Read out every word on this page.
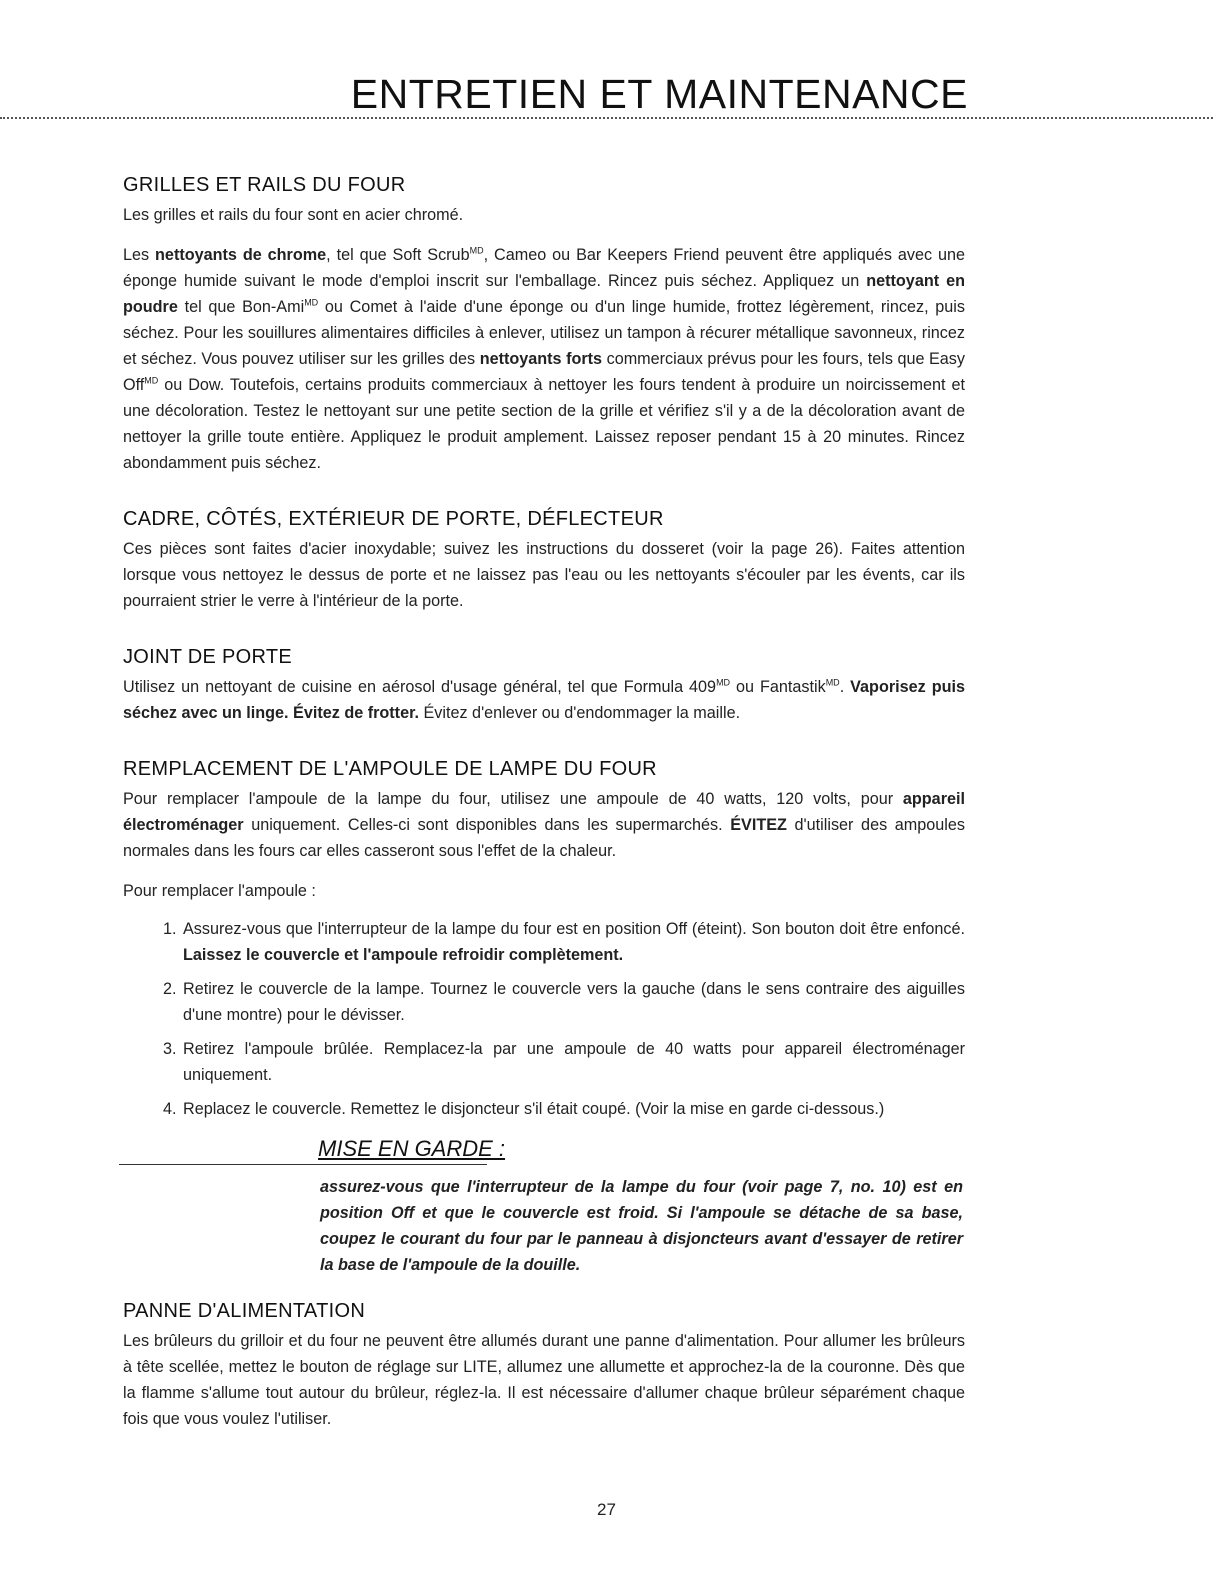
ENTRETIEN ET MAINTENANCE
GRILLES ET RAILS DU FOUR

Les grilles et rails du four sont en acier chromé.

Les nettoyants de chrome, tel que Soft Scrub$^{MD}$, Cameo ou Bar Keepers Friend peuvent être appliqués avec une éponge humide suivant le mode d'emploi inscrit sur l'emballage. Rincez puis séchez. Appliquez un nettoyant en poudre tel que Bon-Ami$^{MD}$ ou Comet à l'aide d'une éponge ou d'un linge humide, frottez légèrement, rincez, puis séchez. Pour les souillures alimentaires difficiles à enlever, utilisez un tampon à récurer métallique savonneux, rincez et séchez. Vous pouvez utiliser sur les grilles des nettoyants forts commerciaux prévus pour les fours, tels que Easy Off$^{MD}$ ou Dow. Toutefois, certains produits commerciaux à nettoyer les fours tendent à produire un noircissement et une décoloration. Testez le nettoyant sur une petite section de la grille et vérifiez s'il y a de la décoloration avant de nettoyer la grille toute entière. Appliquez le produit amplement. Laissez reposer pendant 15 à 20 minutes. Rincez abondamment puis séchez.

CADRE, CÔTÉS, EXTÉRIEUR DE PORTE, DÉFLECTEUR

Ces pièces sont faites d'acier inoxydable; suivez les instructions du dosseret (voir la page 26). Faites attention lorsque vous nettoyez le dessus de porte et ne laissez pas l'eau ou les nettoyants s'écouler par les évents, car ils pourraient strier le verre à l'intérieur de la porte.

JOINT DE PORTE

Utilisez un nettoyant de cuisine en aérosol d'usage général, tel que Formula $409^{MD}$ ou Fantastik$^{MD}$. Vaporisez puis séchez avec un linge. Évitez de frotter. Évitez d'enlever ou d'endommager la maille.

REMPLACEMENT DE L'AMPOULE DE LAMPE DU FOUR

Pour remplacer l'ampoule de la lampe du four, utilisez une ampoule de 40 watts, 120 volts, pour appareil électroménager uniquement. Celles-ci sont disponibles dans les supermarchés. ÉVITEZ d'utiliser des ampoules normales dans les fours car elles casseront sous l'effet de la chaleur.

Pour remplacer l'ampoule :

1. Assurez-vous que l'interrupteur de la lampe du four est en position Off (éteint). Son bouton doit être enfoncé. Laissez le couvercle et l'ampoule refroidir complètement.
2. Retirez le couvercle de la lampe. Tournez le couvercle vers la gauche (dans le sens contraire des aiguilles d'une montre) pour le dévisser.
3. Retirez l'ampoule brûlée. Remplacez-la par une ampoule de 40 watts pour appareil électroménager uniquement.
4. Replacez le couvercle. Remettez le disjoncteur s'il était coupé. (Voir la mise en garde ci-dessous.)
MISE EN GARDE :

assurez-vous que l'interrupteur de la lampe du four (voir page 7, no. 10) est en position Off et que le couvercle est froid. Si l'ampoule se détache de sa base, coupez le courant du four par le panneau à disjoncteurs avant d'essayer de retirer la base de l'ampoule de la douille.

PANNE D'ALIMENTATION

Les brûleurs du grilloir et du four ne peuvent être allumés durant une panne d'alimentation. Pour allumer les brûleurs à tête scellée, mettez le bouton de réglage sur LITE, allumez une allumette et approchez-la de la couronne. Dès que la flamme s'allume tout autour du brûleur, réglez-la. Il est nécessaire d'allumer chaque brûleur séparément chaque fois que vous voulez l'utiliser.

27
